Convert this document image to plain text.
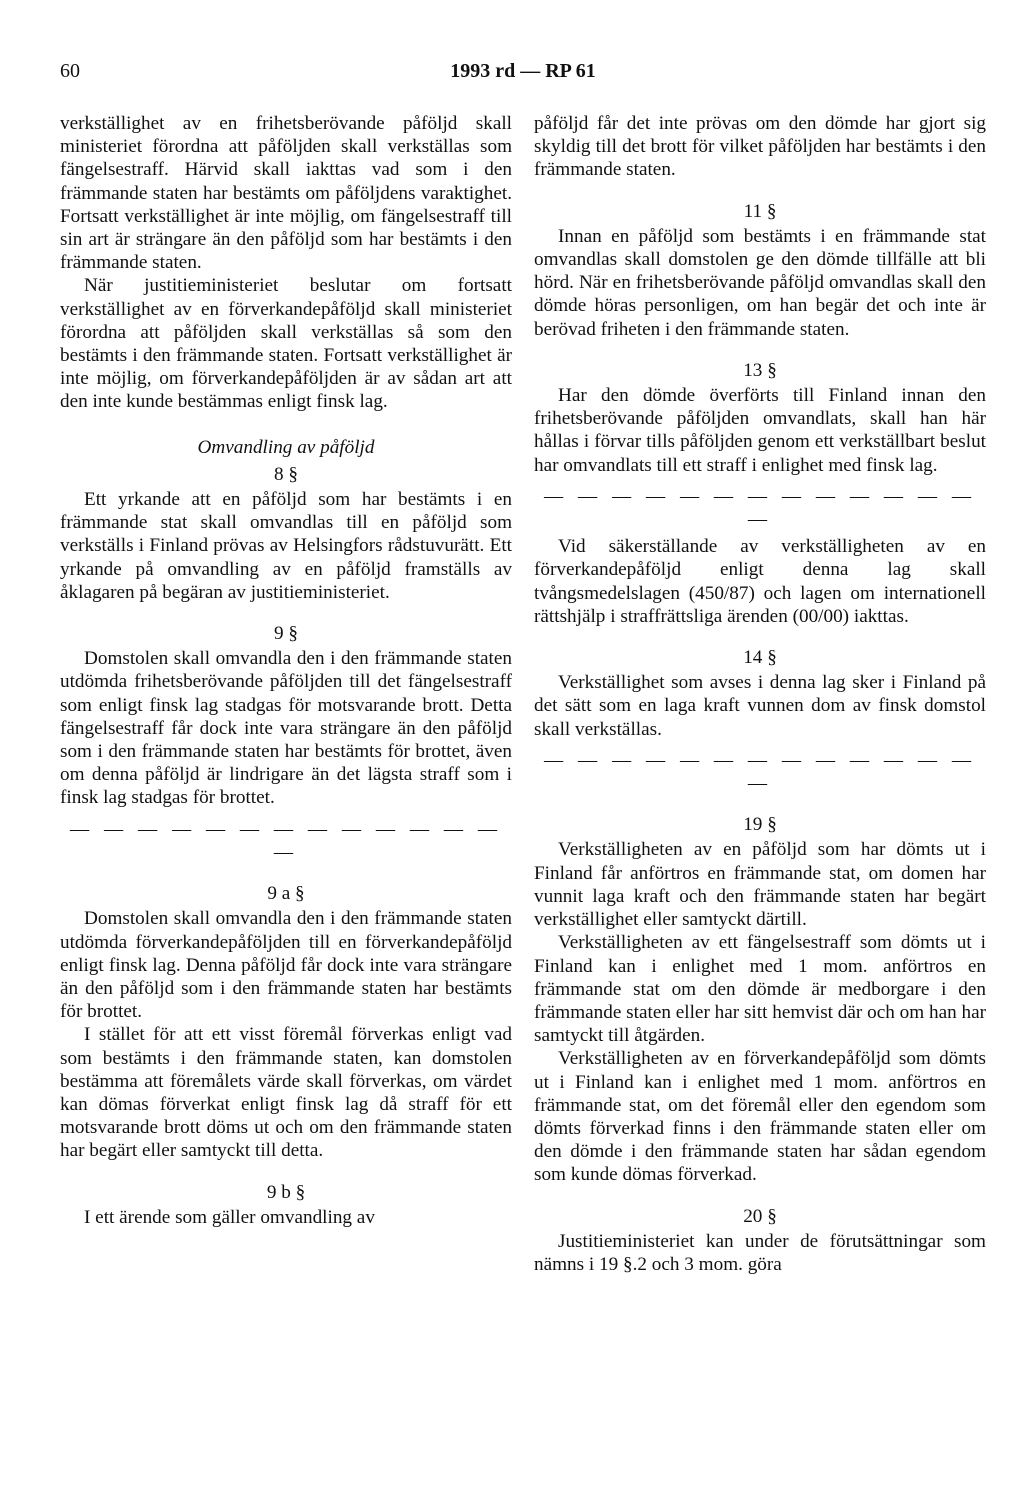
60	1993 rd — RP 61

verkställighet av en frihetsberövande påföljd skall ministeriet förordna att påföljden skall verkställas som fängelsestraff. Härvid skall iakttas vad som i den främmande staten har bestämts om påföljdens varaktighet. Fortsatt verkställighet är inte möjlig, om fängelsestraff till sin art är strängare än den påföljd som har bestämts i den främmande staten.

När justitieministeriet beslutar om fortsatt verkställighet av en förverkandepåföljd skall ministeriet förordna att påföljden skall verkställas så som den bestämts i den främmande staten. Fortsatt verkställighet är inte möjlig, om förverkandepåföljden är av sådan art att den inte kunde bestämmas enligt finsk lag.

Omvandling av påföljd
8 §

Ett yrkande att en påföljd som har bestämts i en främmande stat skall omvandlas till en påföljd som verkställs i Finland prövas av Helsingfors rådstuvurätt. Ett yrkande på omvandling av en påföljd framställs av åklagaren på begäran av justitieministeriet.

9 §

Domstolen skall omvandla den i den främmande staten utdömda frihetsberövande påföljden till det fängelsestraff som enligt finsk lag stadgas för motsvarande brott. Detta fängelsestraff får dock inte vara strängare än den påföljd som i den främmande staten har bestämts för brottet, även om denna påföljd är lindrigare än det lägsta straff som i finsk lag stadgas för brottet.

— — — — — — — — — — — — — —
9 a §

Domstolen skall omvandla den i den främmande staten utdömda förverkandepåföljden till en förverkandepåföljd enligt finsk lag. Denna påföljd får dock inte vara strängare än den påföljd som i den främmande staten har bestämts för brottet.

I stället för att ett visst föremål förverkas enligt vad som bestämts i den främmande staten, kan domstolen bestämma att föremålets värde skall förverkas, om värdet kan dömas förverkat enligt finsk lag då straff för ett motsvarande brott döms ut och om den främmande staten har begärt eller samtyckt till detta.

9 b §

I ett ärende som gäller omvandling av

påföljd får det inte prövas om den dömde har gjort sig skyldig till det brott för vilket påföljden har bestämts i den främmande staten.

11 §

Innan en påföljd som bestämts i en främmande stat omvandlas skall domstolen ge den dömde tillfälle att bli hörd. När en frihetsberövande påföljd omvandlas skall den dömde höras personligen, om han begär det och inte är berövad friheten i den främmande staten.

13 §

Har den dömde överförts till Finland innan den frihetsberövande påföljden omvandlats, skall han här hållas i förvar tills påföljden genom ett verkställbart beslut har omvandlats till ett straff i enlighet med finsk lag.

— — — — — — — — — — — — — —

Vid säkerställande av verkställigheten av en förverkandepåföljd enligt denna lag skall tvångsmedelslagen (450/87) och lagen om internationell rättshjälp i straffrättsliga ärenden (00/00) iakttas.

14 §

Verkställighet som avses i denna lag sker i Finland på det sätt som en laga kraft vunnen dom av finsk domstol skall verkställas.

— — — — — — — — — — — — — —
19 §

Verkställigheten av en påföljd som har dömts ut i Finland får anförtros en främmande stat, om domen har vunnit laga kraft och den främmande staten har begärt verkställighet eller samtyckt därtill.

Verkställigheten av ett fängelsestraff som dömts ut i Finland kan i enlighet med 1 mom. anförtros en främmande stat om den dömde är medborgare i den främmande staten eller har sitt hemvist där och om han har samtyckt till åtgärden.

Verkställigheten av en förverkandepåföljd som dömts ut i Finland kan i enlighet med 1 mom. anförtros en främmande stat, om det föremål eller den egendom som dömts förverkad finns i den främmande staten eller om den dömde i den främmande staten har sådan egendom som kunde dömas förverkad.

20 §

Justitieministeriet kan under de förutsättningar som nämns i 19 §.2 och 3 mom. göra
